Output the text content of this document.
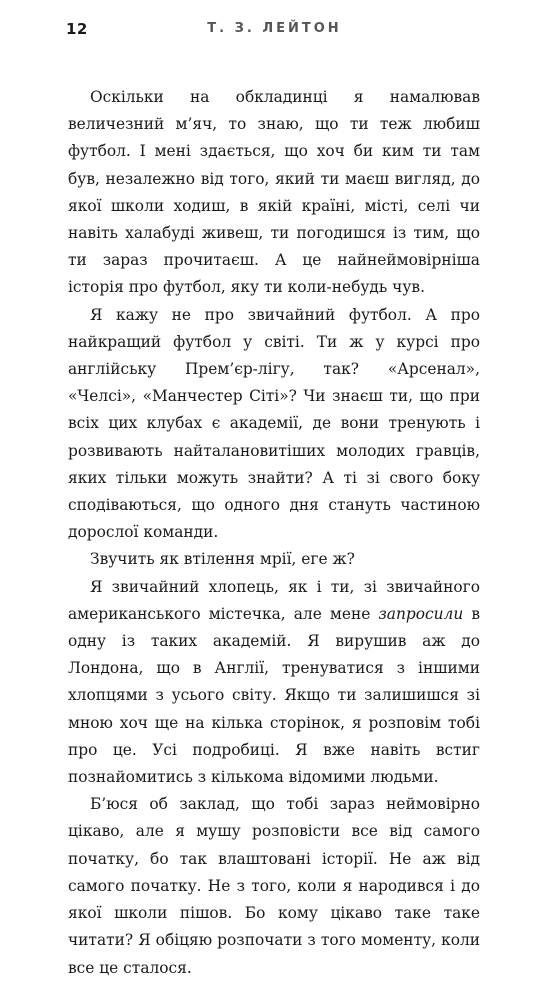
12	Т. З. ЛЕЙТОН

Оскільки на обкладинці я намалював величезний м’яч, то знаю, що ти теж любиш футбол. І мені здається, що хоч би ким ти там був, незалежно від того, який ти маєш вигляд, до якої школи ходиш, в якій країні, місті, селі чи навіть халабуді живеш, ти погодишся із тим, що ти зараз прочитаєш. А це найнеймовірніша історія про футбол, яку ти коли-небудь чув.

Я кажу не про звичайний футбол. А про найкращий футбол у світі. Ти ж у курсі про англійську Прем’єр-лігу, так? «Арсенал», «Челсі», «Манчестер Сіті»? Чи знаєш ти, що при всіх цих клубах є академії, де вони тренують і розвивають найталановитіших молодих гравців, яких тільки можуть знайти? А ті зі свого боку сподіваються, що одного дня стануть частиною дорослої команди.

Звучить як втілення мрії, еге ж?

Я звичайний хлопець, як і ти, зі звичайного американського містечка, але мене запросили в одну із таких академій. Я вирушив аж до Лондона, що в Англії, тренуватися з іншими хлопцями з усього світу. Якщо ти залишишся зі мною хоч ще на кілька сторінок, я розповім тобі про це. Усі подробиці. Я вже навіть встиг познайомитись з кількома відомими людьми.

Б’юся об заклад, що тобі зараз неймовірно цікаво, але я мушу розповісти все від самого початку, бо так влаштовані історії. Не аж від самого початку. Не з того, коли я народився і до якої школи пішов. Бо кому цікаво таке таке читати? Я обіцяю розпочати з того моменту, коли все це сталося.
